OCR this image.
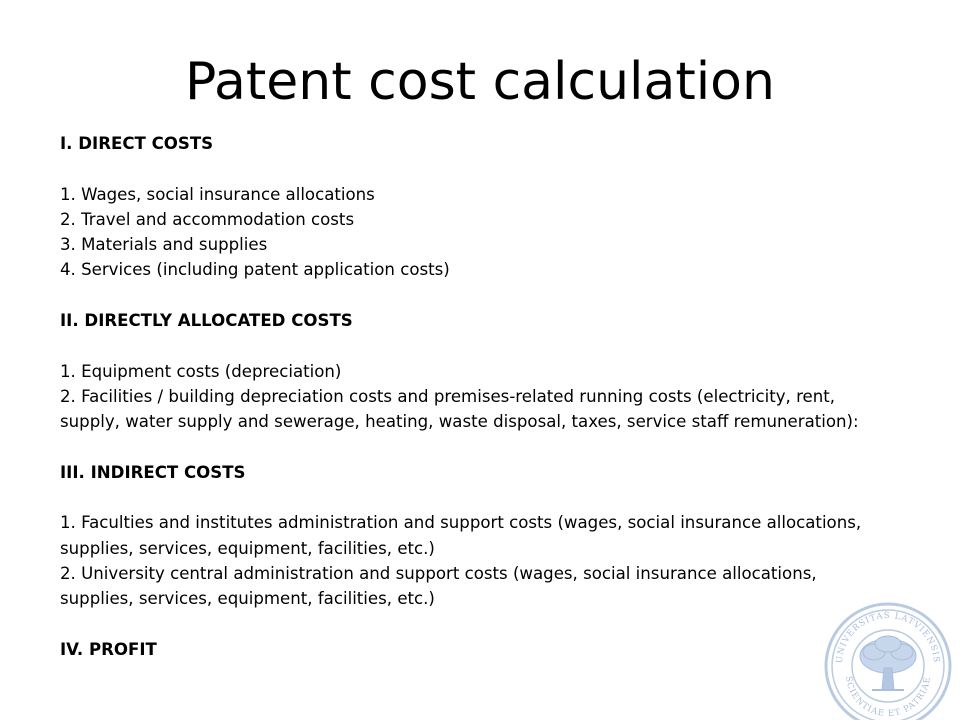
Patent cost calculation
I. DIRECT COSTS
1. Wages, social insurance allocations
2. Travel and accommodation costs
3. Materials and supplies
4. Services (including patent application costs)
II. DIRECTLY ALLOCATED COSTS
1. Equipment costs (depreciation)
2. Facilities / building depreciation costs and premises-related running costs (electricity, rent,
supply, water supply and sewerage, heating, waste disposal, taxes, service staff remuneration):
III. INDIRECT COSTS
1. Faculties and institutes administration and support costs (wages, social insurance allocations,
supplies, services, equipment, facilities, etc.)
2. University central administration and support costs (wages, social insurance allocations,
supplies, services, equipment, facilities, etc.)
IV. PROFIT
UNIVERSITAS LATVIENSIS
SCIENTIAE ET PATRIAE
